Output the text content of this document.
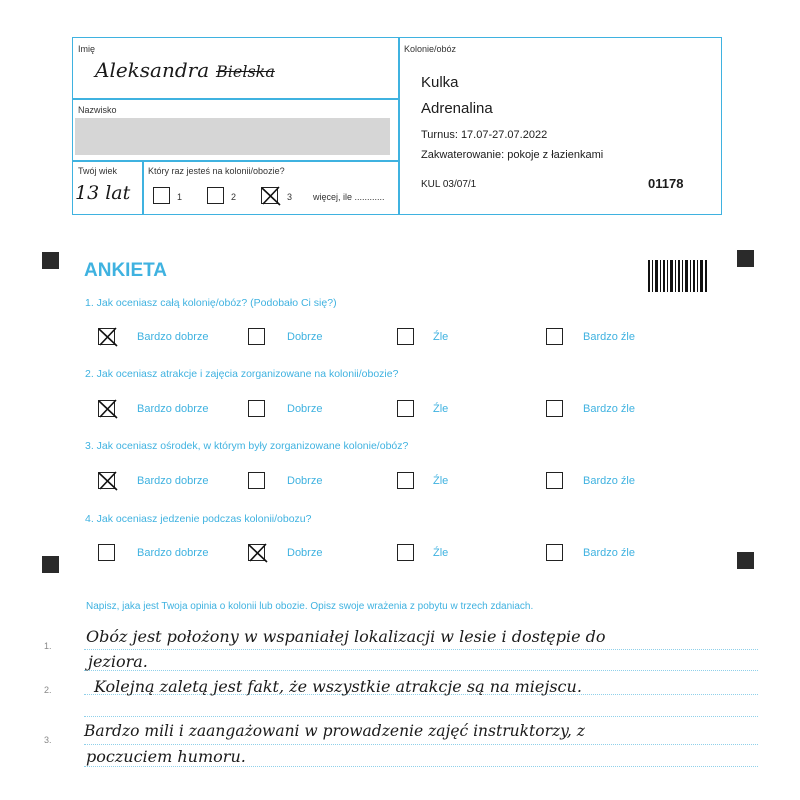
Imię
Aleksandra Bielska
Nazwisko
Twój wiek
13 lat
Który raz jesteś na kolonii/obozie?
1	2	3 więcej, ile ............
Kolonie/obóz
Kulka
Adrenalina
Turnus: 17.07-27.07.2022
Zakwaterowanie: pokoje z łazienkami
KUL 03/07/1	01178
ANKIETA
1. Jak oceniasz całą kolonię/obóz? (Podobało Ci się?)
Bardzo dobrze	Dobrze	Źle	Bardzo źle
2. Jak oceniasz atrakcje i zajęcia zorganizowane na kolonii/obozie?
Bardzo dobrze	Dobrze	Źle	Bardzo źle
3. Jak oceniasz ośrodek, w którym były zorganizowane kolonie/obóz?
Bardzo dobrze	Dobrze	Źle	Bardzo źle
4. Jak oceniasz jedzenie podczas kolonii/obozu?
Bardzo dobrze	Dobrze	Źle	Bardzo źle
Napisz, jaka jest Twoja opinia o kolonii lub obozie. Opisz swoje wrażenia z pobytu w trzech zdaniach.
1.
2.
3.
Obóz jest położony w wspaniałej lokalizacji w lesie i dostępie do
jeziora.
Kolejną zaletą jest fakt, że wszystkie atrakcje są na miejscu.
Bardzo mili i zaangażowani w prowadzenie zajęć instruktorzy, z
poczuciem humoru.
